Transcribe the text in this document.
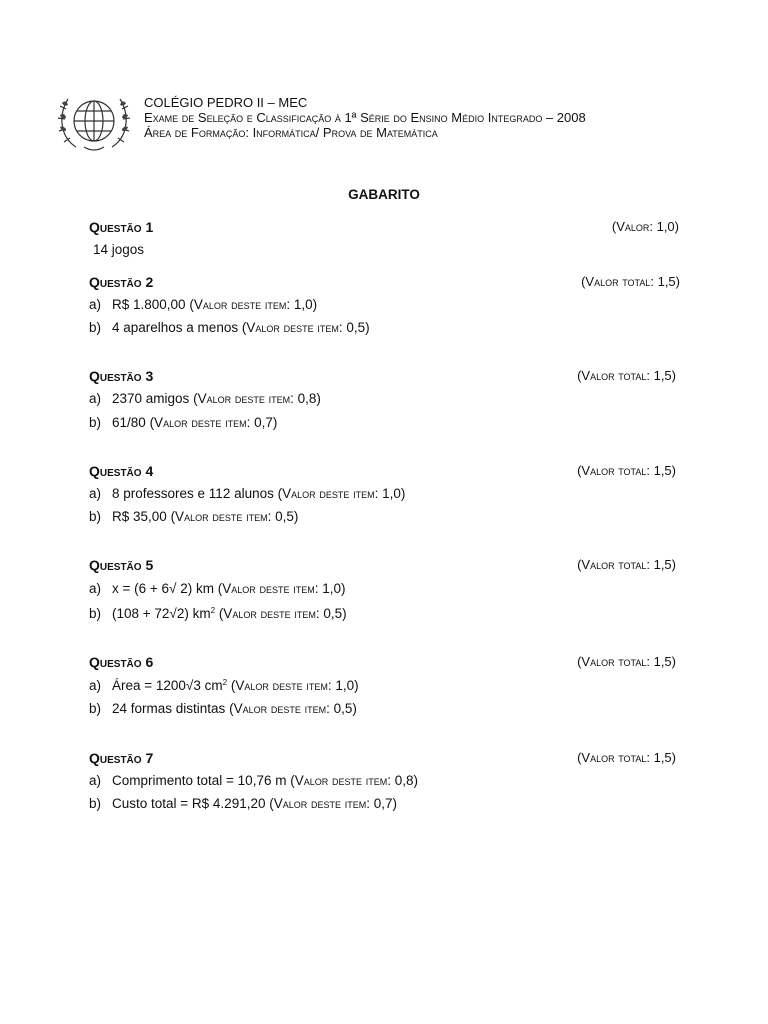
COLÉGIO PEDRO II – MEC
Exame de Seleção e Classificação à 1ª Série do Ensino Médio Integrado – 2008
Área de Formação: Informática/ Prova de Matemática
GABARITO
Questão 1	(Valor: 1,0)
14 jogos
Questão 2	(Valor total: 1,5)
a) R$ 1.800,00 (Valor deste item: 1,0)
b) 4 aparelhos a menos (Valor deste item: 0,5)
Questão 3	(Valor total: 1,5)
a) 2370 amigos (Valor deste item: 0,8)
b) 61/80 (Valor deste item: 0,7)
Questão 4	(Valor total: 1,5)
a) 8 professores e 112 alunos (Valor deste item: 1,0)
b) R$ 35,00 (Valor deste item: 0,5)
Questão 5	(Valor total: 1,5)
a) x = (6 + 6√ 2) km (Valor deste item: 1,0)
b) (108 + 72√2) $km^2$ (Valor deste item: 0,5)
Questão 6	(Valor total: 1,5)
a) Área = 1200√3 $cm^2$ (Valor deste item: 1,0)
b) 24 formas distintas (Valor deste item: 0,5)
Questão 7	(Valor total: 1,5)
a) Comprimento total = 10,76 m (Valor deste item: 0,8)
b) Custo total = R$ 4.291,20 (Valor deste item: 0,7)
